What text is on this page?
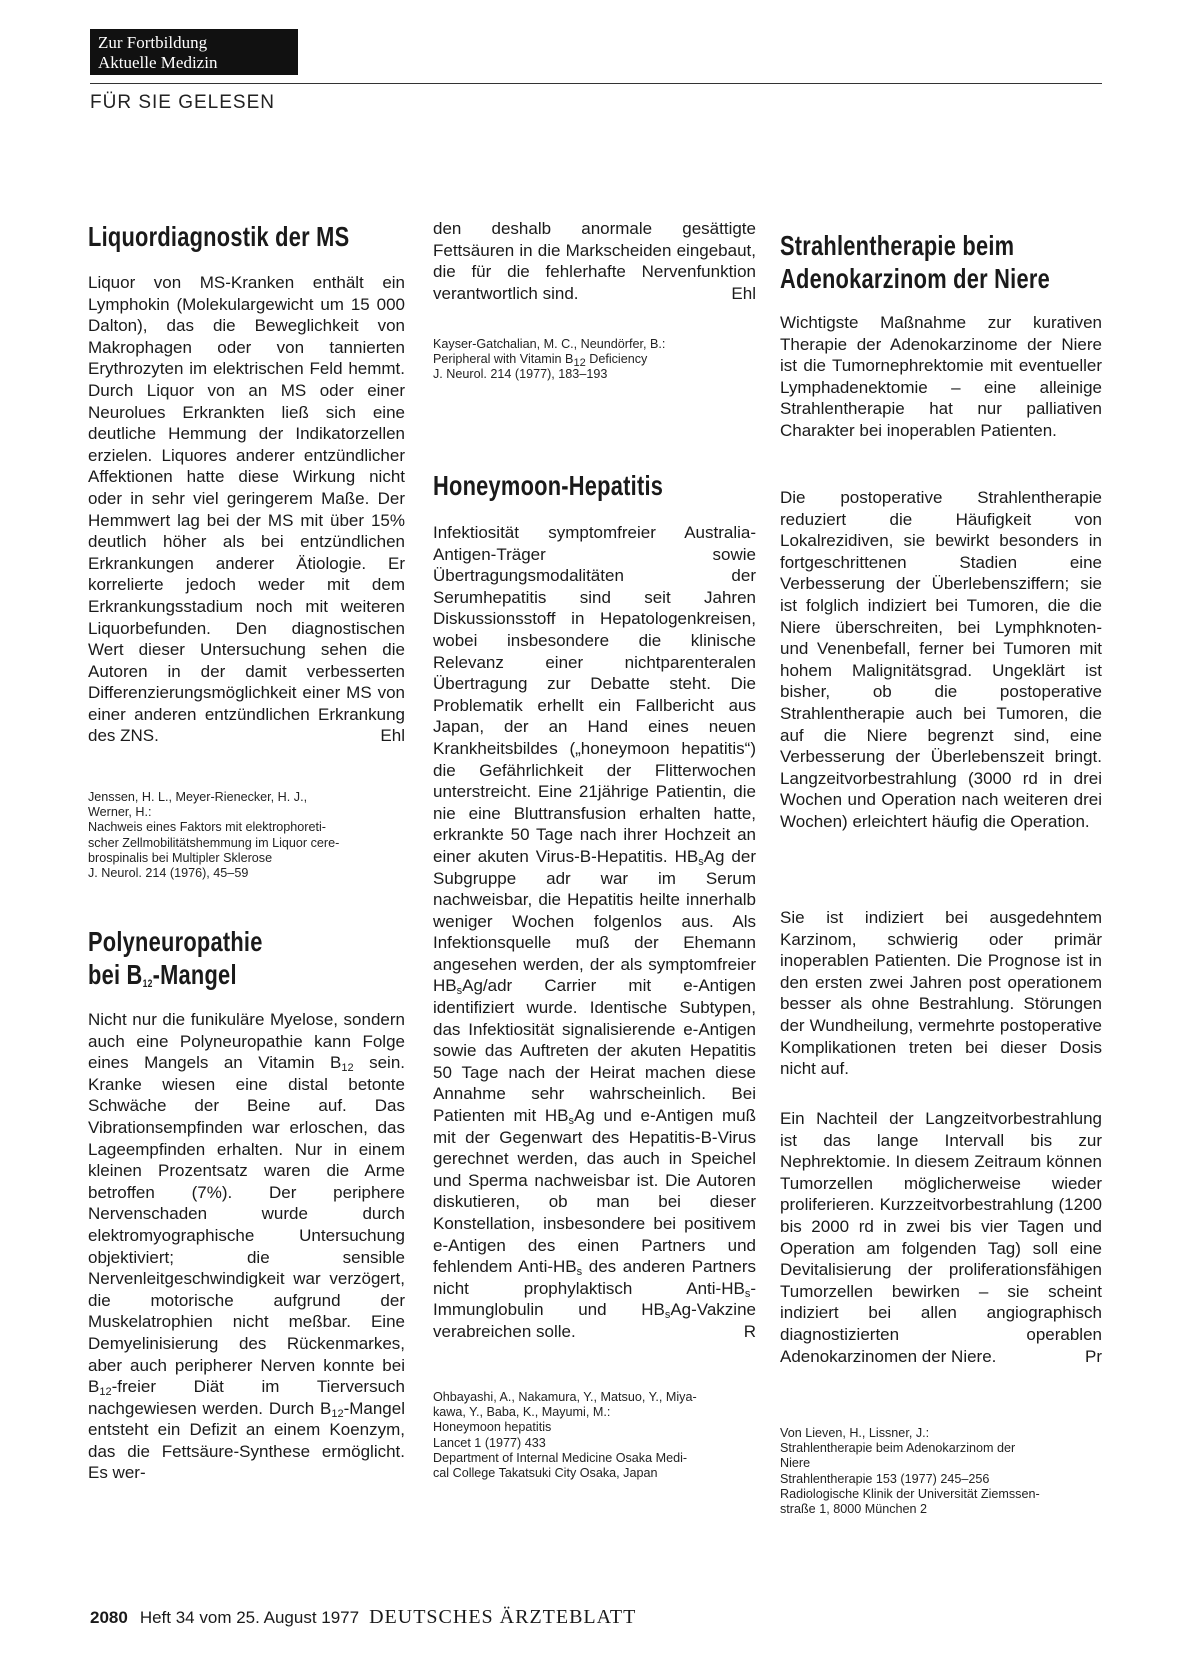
Zur Fortbildung
Aktuelle Medizin
FÜR SIE GELESEN
Liquordiagnostik der MS
Liquor von MS-Kranken enthält ein Lymphokin (Molekulargewicht um 15 000 Dalton), das die Beweglichkeit von Makrophagen oder von tannierten Erythrozyten im elektrischen Feld hemmt. Durch Liquor von an MS oder einer Neurolues Erkrankten ließ sich eine deutliche Hemmung der Indikatorzellen erzielen. Liquores anderer entzündlicher Affektionen hatte diese Wirkung nicht oder in sehr viel geringerem Maße. Der Hemmwert lag bei der MS mit über 15% deutlich höher als bei entzündlichen Erkrankungen anderer Ätiologie. Er korrelierte jedoch weder mit dem Erkrankungsstadium noch mit weiteren Liquorbefunden. Den diagnostischen Wert dieser Untersuchung sehen die Autoren in der damit verbesserten Differenzierungsmöglichkeit einer MS von einer anderen entzündlichen Erkrankung des ZNS.	Ehl
Jenssen, H. L., Meyer-Rienecker, H. J.,
Werner, H.:
Nachweis eines Faktors mit elektrophoreti-
scher Zellmobilitätshemmung im Liquor cere-
brospinalis bei Multipler Sklerose
J. Neurol. 214 (1976), 45–59
Polyneuropathie
bei $B_{12}$-Mangel
Nicht nur die funikuläre Myelose, sondern auch eine Polyneuropathie kann Folge eines Mangels an Vitamin $B_{12}$ sein. Kranke wiesen eine distal betonte Schwäche der Beine auf. Das Vibrationsempfinden war erloschen, das Lageempfinden erhalten. Nur in einem kleinen Prozentsatz waren die Arme betroffen (7%). Der periphere Nervenschaden wurde durch elektromyographische Untersuchung objektiviert; die sensible Nervenleitgeschwindigkeit war verzögert, die motorische aufgrund der Muskelatrophien nicht meßbar. Eine Demyelinisierung des Rückenmarkes, aber auch peripherer Nerven konnte bei $B_{12}$-freier Diät im Tierversuch nachgewiesen werden. Durch $B_{12}$-Mangel entsteht ein Defizit an einem Koenzym, das die Fettsäure-Synthese ermöglicht. Es wer-
den deshalb anormale gesättigte Fettsäuren in die Markscheiden eingebaut, die für die fehlerhafte Nervenfunktion verantwortlich sind.	Ehl
Kayser-Gatchalian, M. C., Neundörfer, B.:
Peripheral with Vitamin $B_{12}$ Deficiency
J. Neurol. 214 (1977), 183–193
Honeymoon-Hepatitis
Infektiosität symptomfreier Australia-Antigen-Träger sowie Übertragungsmodalitäten der Serumhepatitis sind seit Jahren Diskussionsstoff in Hepatologenkreisen, wobei insbesondere die klinische Relevanz einer nichtparenteralen Übertragung zur Debatte steht. Die Problematik erhellt ein Fallbericht aus Japan, der an Hand eines neuen Krankheitsbildes („honeymoon hepatitis“) die Gefährlichkeit der Flitterwochen unterstreicht. Eine 21jährige Patientin, die nie eine Bluttransfusion erhalten hatte, erkrankte 50 Tage nach ihrer Hochzeit an einer akuten Virus-B-Hepatitis. $HB_sAg$ der Subgruppe adr war im Serum nachweisbar, die Hepatitis heilte innerhalb weniger Wochen folgenlos aus. Als Infektionsquelle muß der Ehemann angesehen werden, der als symptomfreier $HB_sAg$/adr Carrier mit e-Antigen identifiziert wurde. Identische Subtypen, das Infektiosität signalisierende e-Antigen sowie das Auftreten der akuten Hepatitis 50 Tage nach der Heirat machen diese Annahme sehr wahrscheinlich. Bei Patienten mit $HB_sAg$ und e-Antigen muß mit der Gegenwart des Hepatitis-B-Virus gerechnet werden, das auch in Speichel und Sperma nachweisbar ist. Die Autoren diskutieren, ob man bei dieser Konstellation, insbesondere bei positivem e-Antigen des einen Partners und fehlendem Anti-$HB_s$ des anderen Partners nicht prophylaktisch Anti-$HB_s$-Immunglobulin und $HB_sAg$-Vakzine verabreichen solle.	R
Ohbayashi, A., Nakamura, Y., Matsuo, Y., Miya-
kawa, Y., Baba, K., Mayumi, M.:
Honeymoon hepatitis
Lancet 1 (1977) 433
Department of Internal Medicine Osaka Medi-
cal College Takatsuki City Osaka, Japan
Strahlentherapie beim
Adenokarzinom der Niere
Wichtigste Maßnahme zur kurativen Therapie der Adenokarzinome der Niere ist die Tumornephrektomie mit eventueller Lymphadenektomie – eine alleinige Strahlentherapie hat nur palliativen Charakter bei inoperablen Patienten.
Die postoperative Strahlentherapie reduziert die Häufigkeit von Lokalrezidiven, sie bewirkt besonders in fortgeschrittenen Stadien eine Verbesserung der Überlebensziffern; sie ist folglich indiziert bei Tumoren, die die Niere überschreiten, bei Lymphknoten- und Venenbefall, ferner bei Tumoren mit hohem Malignitätsgrad. Ungeklärt ist bisher, ob die postoperative Strahlentherapie auch bei Tumoren, die auf die Niere begrenzt sind, eine Verbesserung der Überlebenszeit bringt. Langzeitvorbestrahlung (3000 rd in drei Wochen und Operation nach weiteren drei Wochen) erleichtert häufig die Operation.
Sie ist indiziert bei ausgedehntem Karzinom, schwierig oder primär inoperablen Patienten. Die Prognose ist in den ersten zwei Jahren post operationem besser als ohne Bestrahlung. Störungen der Wundheilung, vermehrte postoperative Komplikationen treten bei dieser Dosis nicht auf.
Ein Nachteil der Langzeitvorbestrahlung ist das lange Intervall bis zur Nephrektomie. In diesem Zeitraum können Tumorzellen möglicherweise wieder proliferieren. Kurzzeitvorbestrahlung (1200 bis 2000 rd in zwei bis vier Tagen und Operation am folgenden Tag) soll eine Devitalisierung der proliferationsfähigen Tumorzellen bewirken – sie scheint indiziert bei allen angiographisch diagnostizierten operablen Adenokarzinomen der Niere.	Pr
Von Lieven, H., Lissner, J.:
Strahlentherapie beim Adenokarzinom der
Niere
Strahlentherapie 153 (1977) 245–256
Radiologische Klinik der Universität Ziemssen-
straße 1, 8000 München 2
2080 Heft 34 vom 25. August 1977 DEUTSCHES ÄRZTEBLATT
